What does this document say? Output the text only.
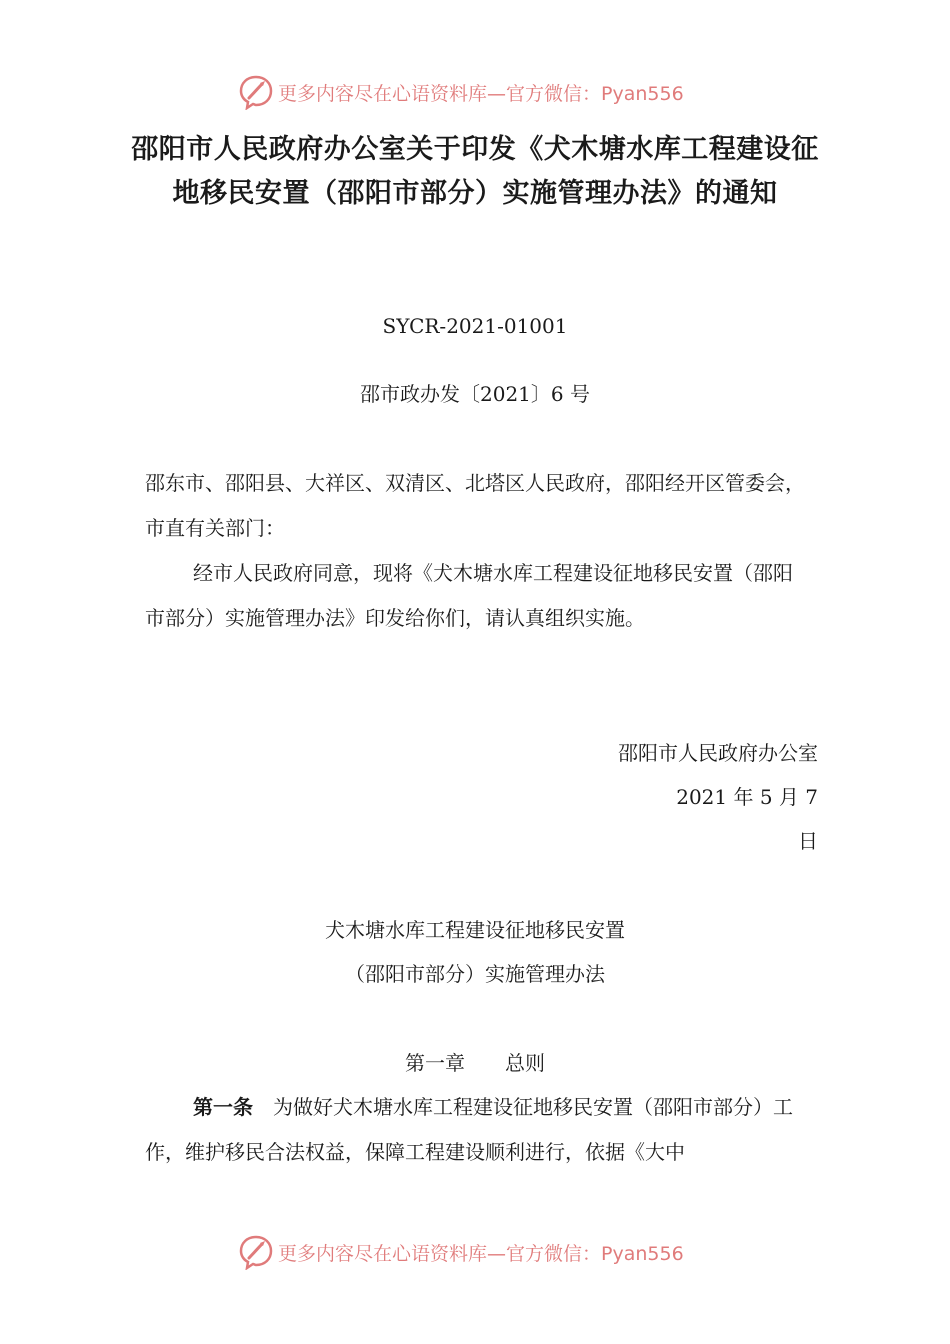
更多内容尽在心语资料库—官方微信：Pyan556
邵阳市人民政府办公室关于印发《犬木塘水库工程建设征地移民安置（邵阳市部分）实施管理办法》的通知

SYCR-2021-01001

邵市政办发〔2021〕6 号

邵东市、邵阳县、大祥区、双清区、北塔区人民政府，邵阳经开区管委会，市直有关部门：

经市人民政府同意，现将《犬木塘水库工程建设征地移民安置（邵阳市部分）实施管理办法》印发给你们，请认真组织实施。

邵阳市人民政府办公室
2021 年 5 月 7
日

犬木塘水库工程建设征地移民安置

（邵阳市部分）实施管理办法

第一章　　总则

第一条　为做好犬木塘水库工程建设征地移民安置（邵阳市部分）工作，维护移民合法权益，保障工程建设顺利进行，依据《大中

更多内容尽在心语资料库—官方微信：Pyan556
